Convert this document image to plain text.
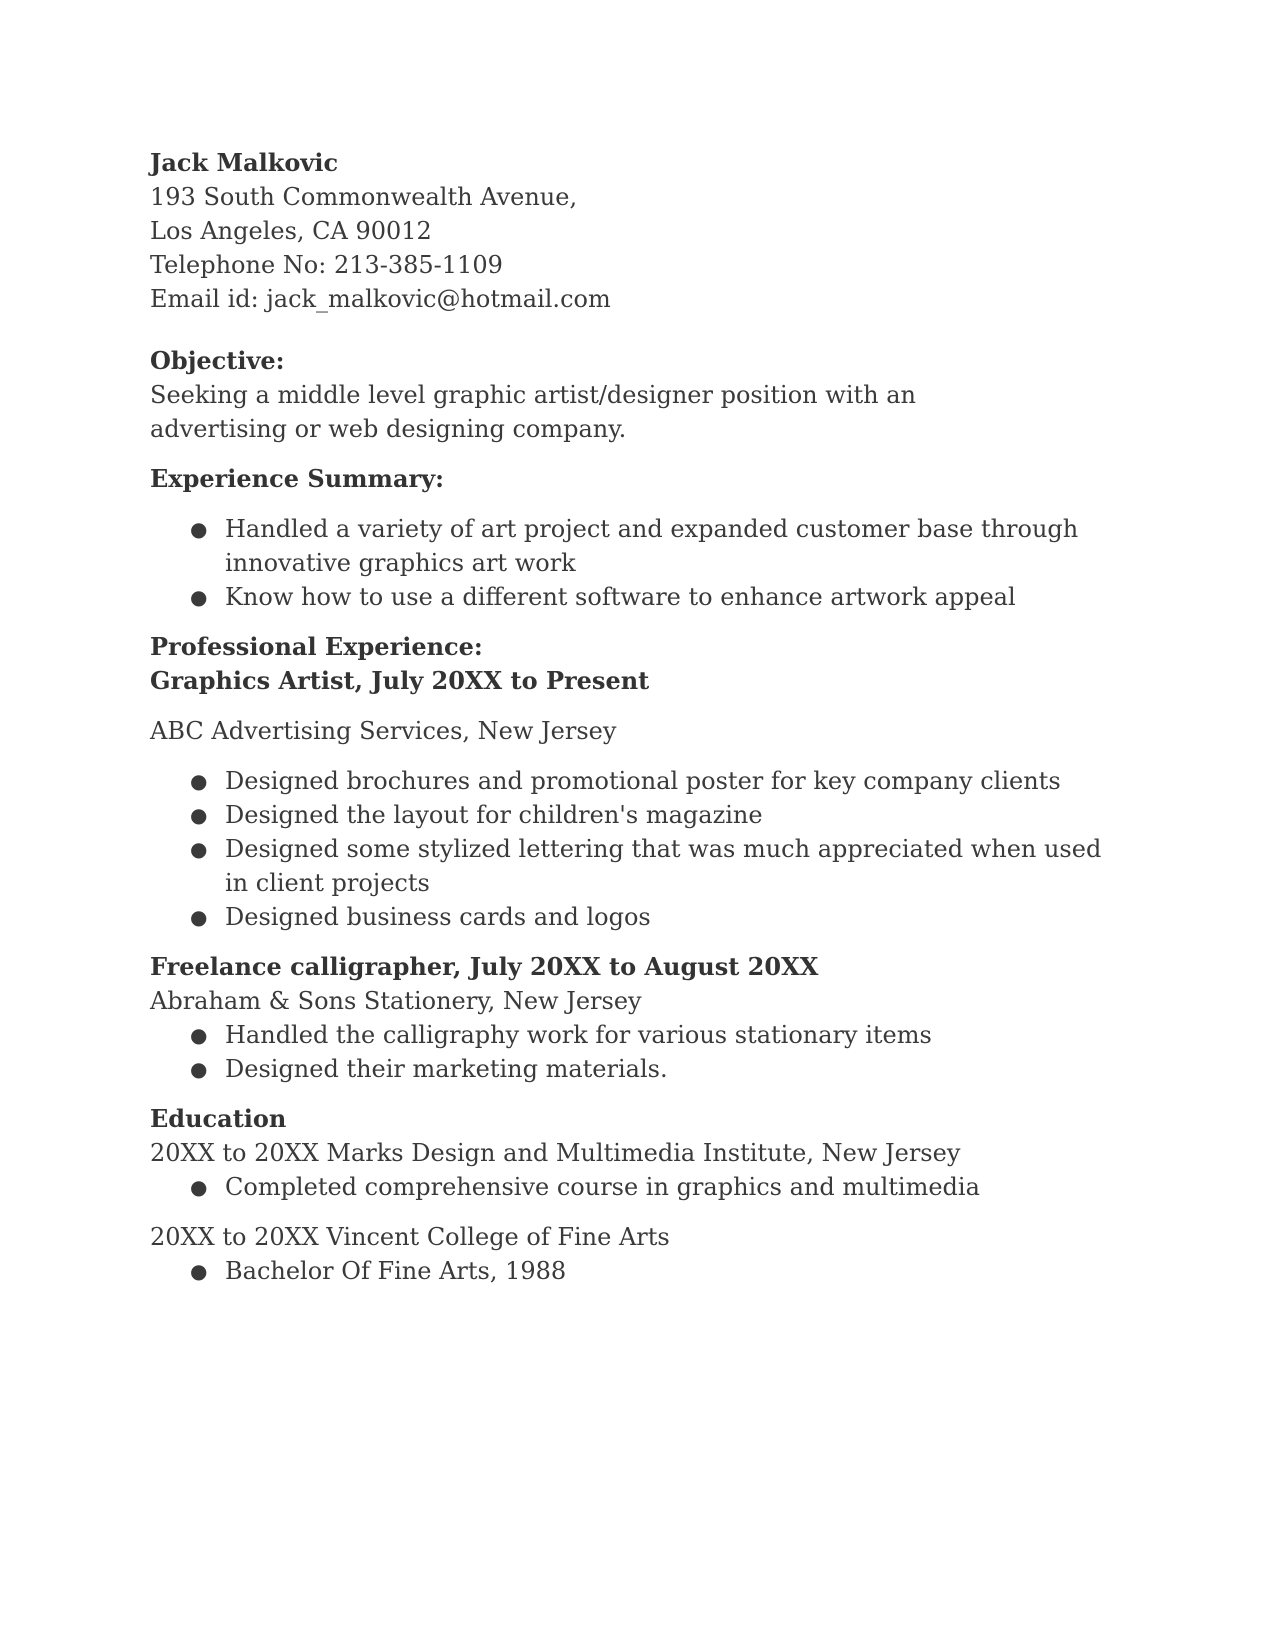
Jack Malkovic
193 South Commonwealth Avenue,
Los Angeles, CA 90012
Telephone No: 213-385-1109
Email id: jack_malkovic@hotmail.com
Objective:
Seeking a middle level graphic artist/designer position with an advertising or web designing company.
Experience Summary:
● Handled a variety of art project and expanded customer base through innovative graphics art work
● Know how to use a different software to enhance artwork appeal
Professional Experience:
Graphics Artist, July 20XX to Present
ABC Advertising Services, New Jersey
● Designed brochures and promotional poster for key company clients
● Designed the layout for children's magazine
● Designed some stylized lettering that was much appreciated when used in client projects
● Designed business cards and logos
Freelance calligrapher, July 20XX to August 20XX
Abraham & Sons Stationery, New Jersey
● Handled the calligraphy work for various stationary items
● Designed their marketing materials.
Education
20XX to 20XX Marks Design and Multimedia Institute, New Jersey
● Completed comprehensive course in graphics and multimedia
20XX to 20XX Vincent College of Fine Arts
● Bachelor Of Fine Arts, 1988
